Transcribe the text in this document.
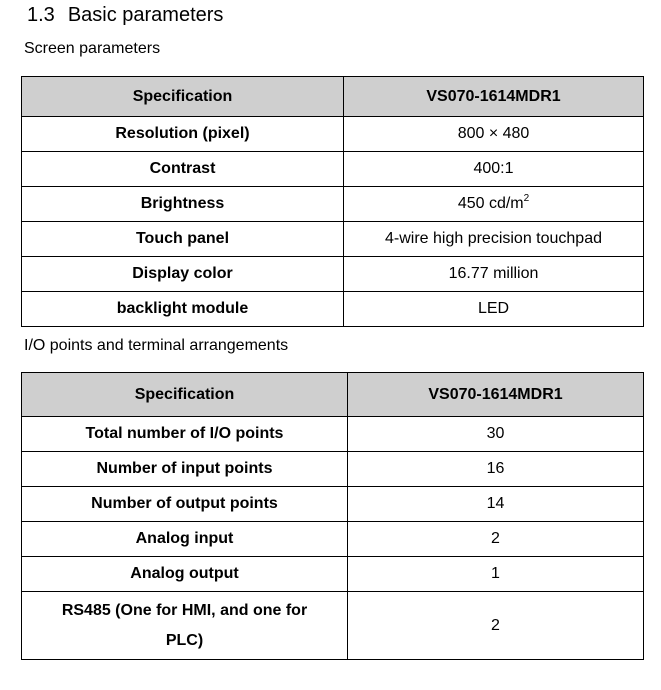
1.3 Basic parameters
Screen parameters
Specification	VS070-1614MDR1
Resolution (pixel)	800 × 480
Contrast	400:1
Brightness	450 $cd/m^2$
Touch panel	4-wire high precision touchpad
Display color	16.77 million
backlight module	LED
I/O points and terminal arrangements
Specification	VS070-1614MDR1
Total number of I/O points	30
Number of input points	16
Number of output points	14
Analog input	2
Analog output	1
RS485 (One for HMI, and one for
PLC)	2
